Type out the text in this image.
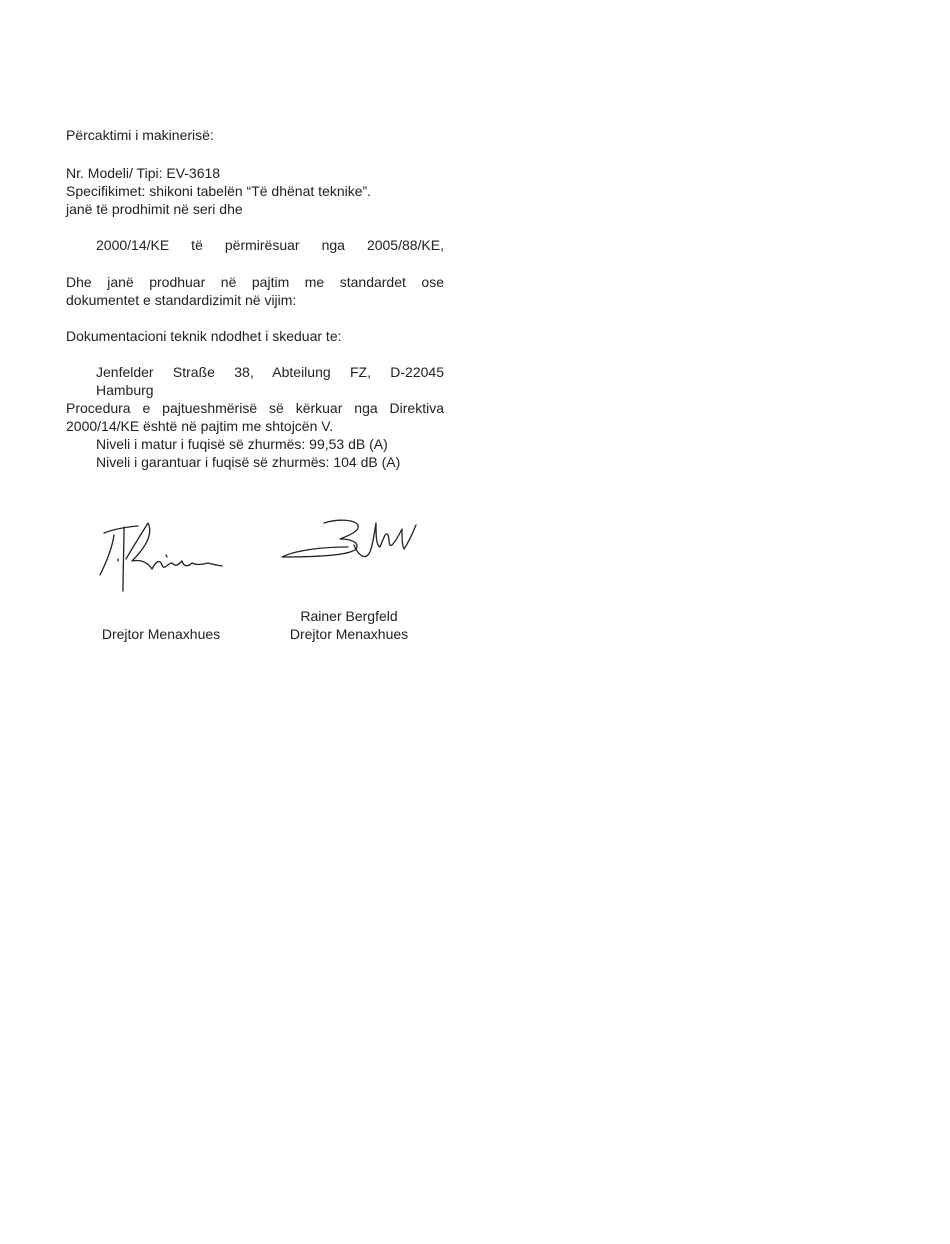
Përcaktimi i makinerisë:
Nr. Modeli/ Tipi: EV-3618
Specifikimet: shikoni tabelën “Të dhënat teknike”.
janë të prodhimit në seri dhe
2000/14/KE të përmirësuar nga 2005/88/KE,
Dhe janë prodhuar në pajtim me standardet ose
dokumentet e standardizimit në vijim:
Dokumentacioni teknik ndodhet i skeduar te:
Jenfelder Straße 38, Abteilung FZ, D-22045
Hamburg
Procedura e pajtueshmërisë së kërkuar nga Direktiva
2000/14/KE është në pajtim me shtojcën V.
Niveli i matur i fuqisë së zhurmës: 99,53 dB (A)
Niveli i garantuar i fuqisë së zhurmës: 104 dB (A)
Drejtor Menaxhues
Rainer Bergfeld
Drejtor Menaxhues
